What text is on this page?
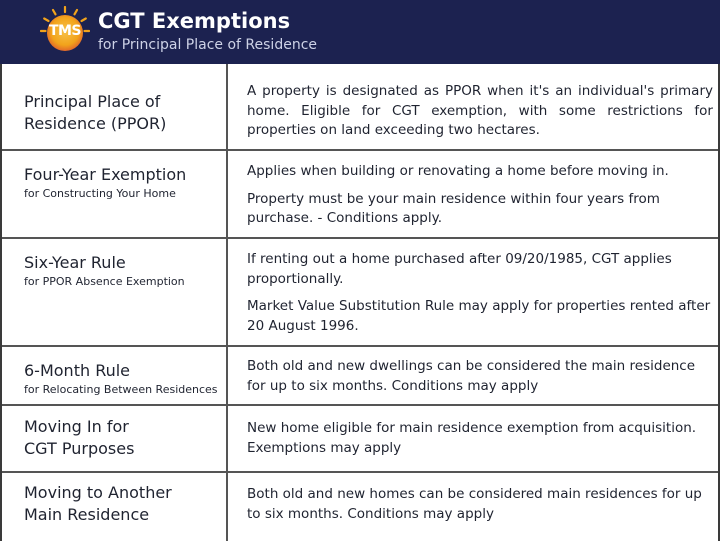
TMS CGT Exemptions
for Principal Place of Residence
Principal Place of
Residence (PPOR)
A property is designated as PPOR when it's an individual's primary home. Eligible for CGT exemption, with some restrictions for properties on land exceeding two hectares.
Four-Year Exemption
for Constructing Your Home
Applies when building or renovating a home before moving in.
Property must be your main residence within four years from purchase. - Conditions apply.
Six-Year Rule
for PPOR Absence Exemption
If renting out a home purchased after 09/20/1985, CGT applies proportionally.
Market Value Substitution Rule may apply for properties rented after 20 August 1996.
6-Month Rule
for Relocating Between Residences
Both old and new dwellings can be considered the main residence for up to six months. Conditions may apply
Moving In for
CGT Purposes
New home eligible for main residence exemption from acquisition. Exemptions may apply
Moving to Another
Main Residence
Both old and new homes can be considered main residences for up to six months. Conditions may apply
